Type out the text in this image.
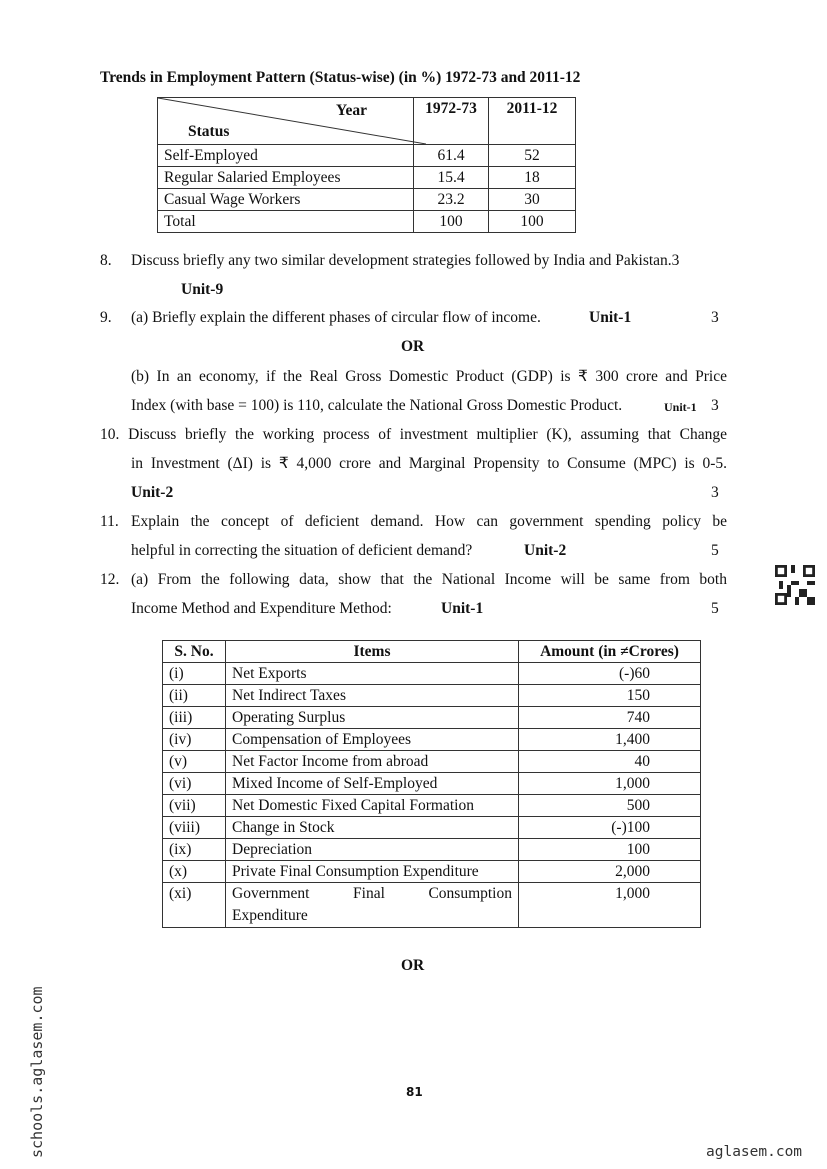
Trends in Employment Pattern (Status-wise) (in %) 1972-73 and 2011-12
Year
Status	1972-73	2011-12
Self-Employed	61.4	52
Regular Salaried Employees	15.4	18
Casual Wage Workers	23.2	30
Total	100	100
8. Discuss briefly any two similar development strategies followed by India and Pakistan.3
Unit-9
9. (a) Briefly explain the different phases of circular flow of income.	Unit-1	3
OR
(b) In an economy, if the Real Gross Domestic Product (GDP) is ₹ 300 crore and Price
Index (with base = 100) is 110, calculate the National Gross Domestic Product.	Unit-1 3
10. Discuss briefly the working process of investment multiplier (K), assuming that Change
in Investment (ΔI) is ₹ 4,000 crore and Marginal Propensity to Consume (MPC) is 0-5.
Unit-2	3
11. Explain the concept of deficient demand. How can government spending policy be
helpful in correcting the situation of deficient demand?	Unit-2	5
12. (a) From the following data, show that the National Income will be same from both
Income Method and Expenditure Method:	Unit-1	5
S. No.	Items	Amount (in ≠Crores)
(i)	Net Exports	(-)60
(ii)	Net Indirect Taxes	150
(iii)	Operating Surplus	740
(iv)	Compensation of Employees	1,400
(v)	Net Factor Income from abroad	40
(vi)	Mixed Income of Self-Employed	1,000
(vii)	Net Domestic Fixed Capital Formation	500
(viii)	Change in Stock	(-)100
(ix)	Depreciation	100
(x)	Private Final Consumption Expenditure	2,000
(xi)	Government Final Consumption Expenditure	1,000
OR
81
schools.aglasem.com	aglasem.com
